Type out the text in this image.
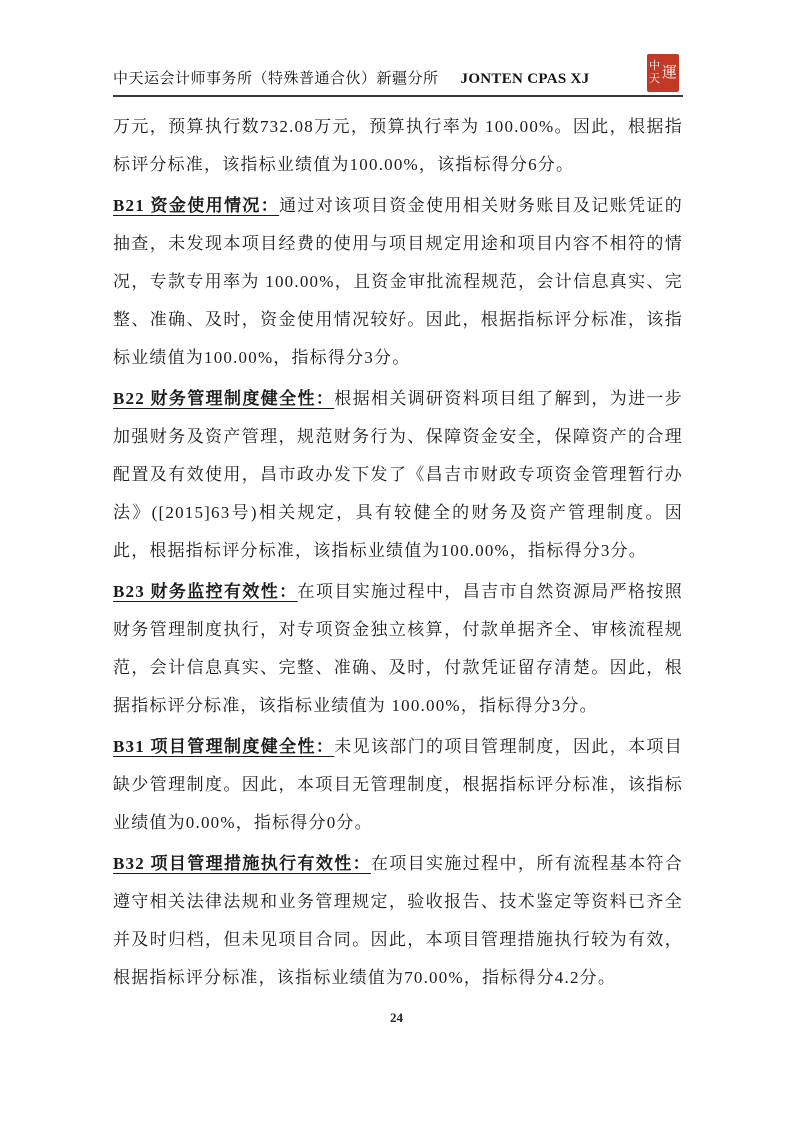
中天运会计师事务所（特殊普通合伙）新疆分所 JONTEN CPAS XJ
中天 運

万元，预算执行数732.08万元，预算执行率为 100.00%。因此，根据指标评分标准，该指标业绩值为100.00%，该指标得分6分。

B21 资金使用情况：通过对该项目资金使用相关财务账目及记账凭证的抽查，未发现本项目经费的使用与项目规定用途和项目内容不相符的情况，专款专用率为 100.00%，且资金审批流程规范，会计信息真实、完整、准确、及时，资金使用情况较好。因此，根据指标评分标准，该指标业绩值为100.00%，指标得分3分。

B22 财务管理制度健全性：根据相关调研资料项目组了解到，为进一步加强财务及资产管理，规范财务行为、保障资金安全，保障资产的合理配置及有效使用，昌市政办发下发了《昌吉市财政专项资金管理暂行办法》([2015]63号)相关规定，具有较健全的财务及资产管理制度。因此，根据指标评分标准，该指标业绩值为100.00%，指标得分3分。

B23 财务监控有效性：在项目实施过程中，昌吉市自然资源局严格按照财务管理制度执行，对专项资金独立核算，付款单据齐全、审核流程规范，会计信息真实、完整、准确、及时，付款凭证留存清楚。因此，根据指标评分标准，该指标业绩值为 100.00%，指标得分3分。

B31 项目管理制度健全性：未见该部门的项目管理制度，因此，本项目缺少管理制度。因此，本项目无管理制度，根据指标评分标准，该指标业绩值为0.00%，指标得分0分。

B32 项目管理措施执行有效性：在项目实施过程中，所有流程基本符合遵守相关法律法规和业务管理规定，验收报告、技术鉴定等资料已齐全并及时归档，但未见项目合同。因此，本项目管理措施执行较为有效，根据指标评分标准，该指标业绩值为70.00%，指标得分4.2分。

24
